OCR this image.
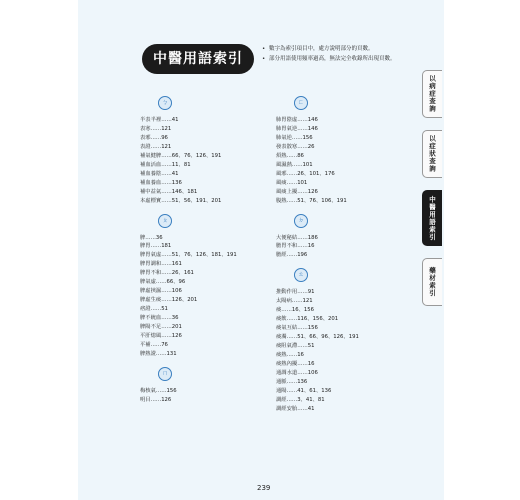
中醫用語索引
• 數字為索引項目中，處方說明部分的頁數。
• 部分用語使用頻率過高，無法完全收錄所出現頁數。
ㄅ
半表半裡……41
表寒……121
表邪……96
表證……121
補氣健脾……66、76、126、191
補血活血……11、81
補血養陰……41
補血養血……136
補中益氣……146、181
本虛標實……51、56、191、201
ㄆ
脾……36
脾胃……181
脾胃氣虛……51、76、126、181、191
脾胃調和……161
脾胃不和……26、161
脾氣虛……66、96
脾虛挾濕……106
脾虛生痰……126、201
痞證……51
脾不統血……36
脾陽不足……201
平肝熄風……126
平補……76
脾熱證……131
ㄇ
梅核氣……156
明目……126
ㄈ
肺胃陰虛……146
肺胃氣逆……146
肺氣逆……156
發表散寒……26
煩熱……86
風濕熱……101
風邪……26、101、176
風痰……101
風痰上擾……126
腹熱……51、76、106、191
ㄉ
大便秘結……186
膽胃不和……16
膽經……196
ㄊ
推動作用……91
太陽病……121
痰……16、156
痰飲……116、156、201
痰氣互結……156
痰濁……51、66、96、126、191
痰阻氣滯……51
痰熱……16
痰熱內擾……16
通調水道……106
通脈……136
通陽……41、61、136
調經……3、41、81
調經安胎……41
239
以病症查詢
以症狀查詢
中醫用語索引
藥材索引
